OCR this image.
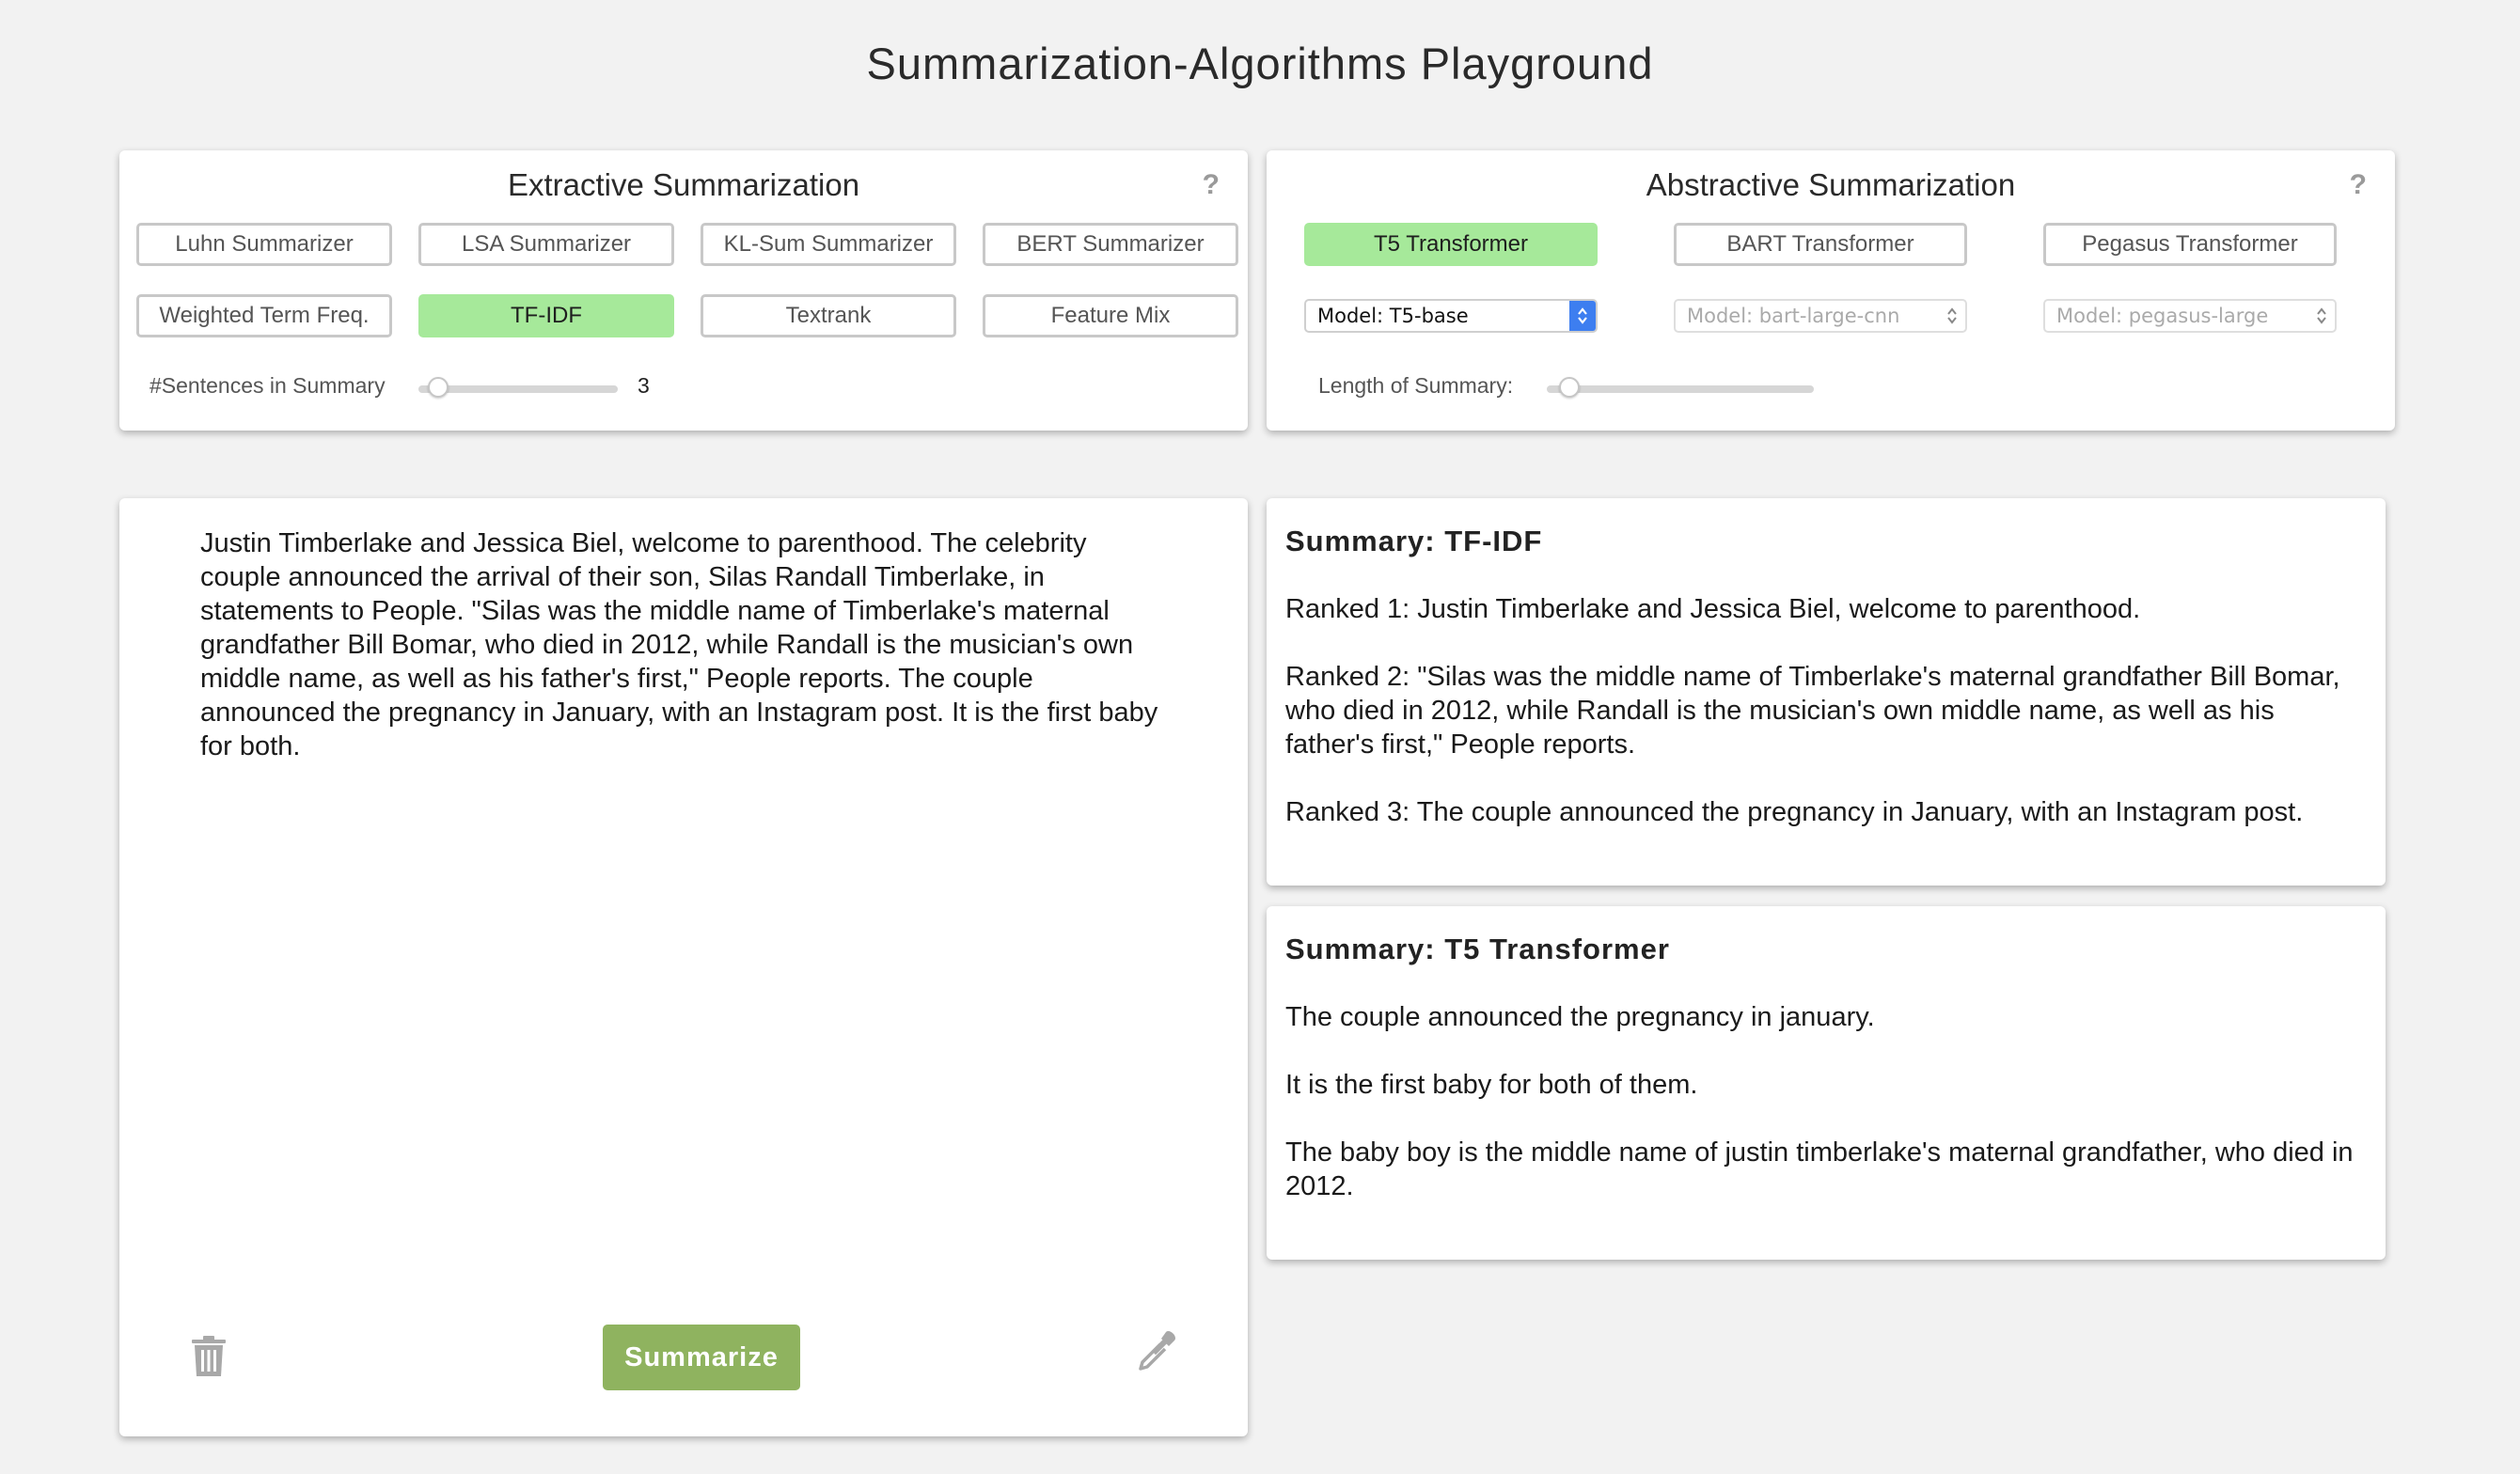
Summarization-Algorithms Playground
Extractive Summarization	?
Luhn Summarizer	LSA Summarizer	KL-Sum Summarizer	BERT Summarizer
Weighted Term Freq.	TF-IDF	Textrank	Feature Mix
#Sentences in Summary	3
Abstractive Summarization	?
T5 Transformer	BART Transformer	Pegasus Transformer
Model: T5-base	Model: bart-large-cnn	Model: pegasus-large
Length of Summary:
Justin Timberlake and Jessica Biel, welcome to parenthood. The celebrity couple announced the arrival of their son, Silas Randall Timberlake, in statements to People. "Silas was the middle name of Timberlake's maternal grandfather Bill Bomar, who died in 2012, while Randall is the musician's own middle name, as well as his father's first," People reports. The couple announced the pregnancy in January, with an Instagram post. It is the first baby for both.
Summarize
Summary: TF-IDF

Ranked 1: Justin Timberlake and Jessica Biel, welcome to parenthood.

Ranked 2: "Silas was the middle name of Timberlake's maternal grandfather Bill Bomar, who died in 2012, while Randall is the musician's own middle name, as well as his father's first," People reports.

Ranked 3: The couple announced the pregnancy in January, with an Instagram post.

Summary: T5 Transformer

The couple announced the pregnancy in january.

It is the first baby for both of them.

The baby boy is the middle name of justin timberlake's maternal grandfather, who died in 2012.
